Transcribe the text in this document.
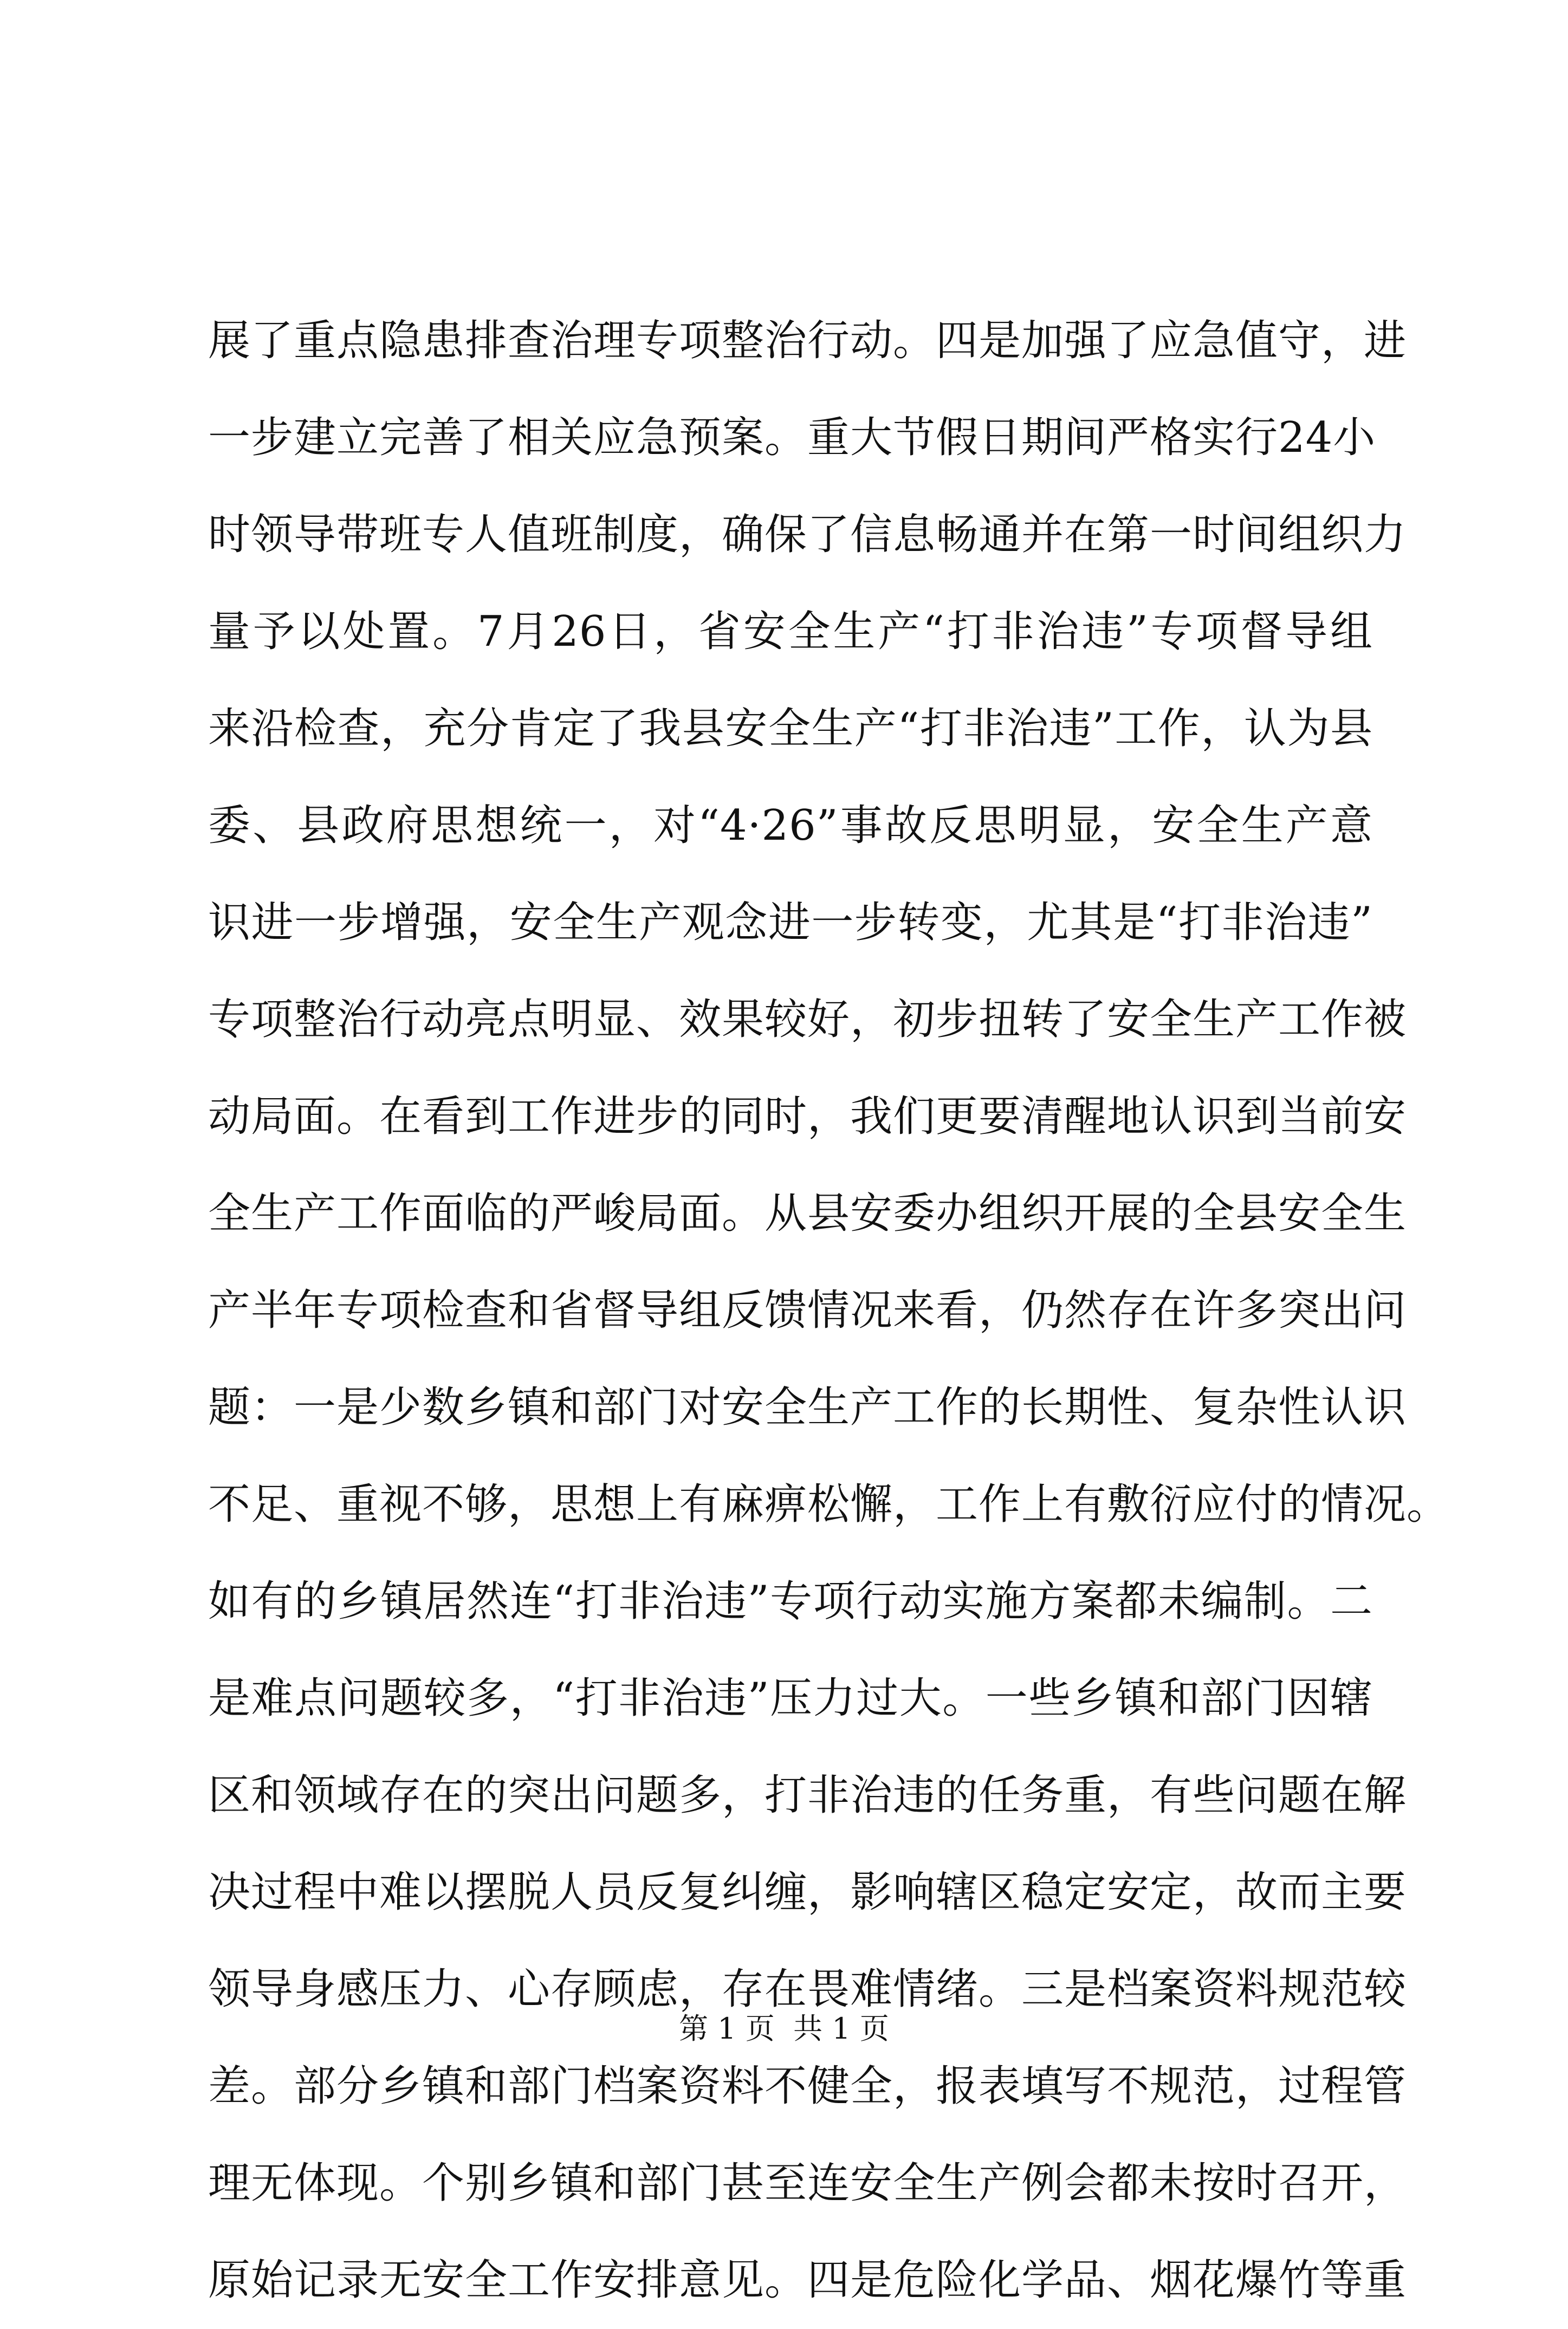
展了重点隐患排查治理专项整治行动。四是加强了应急值守，进
一步建立完善了相关应急预案。重大节假日期间严格实行24小
时领导带班专人值班制度，确保了信息畅通并在第一时间组织力
量予以处置。7月26日，省安全生产“打非治违”专项督导组
来沿检查，充分肯定了我县安全生产“打非治违”工作，认为县
委、县政府思想统一，对“4·26”事故反思明显，安全生产意
识进一步增强，安全生产观念进一步转变，尤其是“打非治违”
专项整治行动亮点明显、效果较好，初步扭转了安全生产工作被
动局面。在看到工作进步的同时，我们更要清醒地认识到当前安
全生产工作面临的严峻局面。从县安委办组织开展的全县安全生
产半年专项检查和省督导组反馈情况来看，仍然存在许多突出问
题：一是少数乡镇和部门对安全生产工作的长期性、复杂性认识
不足、重视不够，思想上有麻痹松懈，工作上有敷衍应付的情况。
如有的乡镇居然连“打非治违”专项行动实施方案都未编制。二
是难点问题较多，“打非治违”压力过大。一些乡镇和部门因辖
区和领域存在的突出问题多，打非治违的任务重，有些问题在解
决过程中难以摆脱人员反复纠缠，影响辖区稳定安定，故而主要
领导身感压力、心存顾虑，存在畏难情绪。三是档案资料规范较
差。部分乡镇和部门档案资料不健全，报表填写不规范，过程管
理无体现。个别乡镇和部门甚至连安全生产例会都未按时召开，
原始记录无安全工作安排意见。四是危险化学品、烟花爆竹等重
第 1 页  共 1 页
